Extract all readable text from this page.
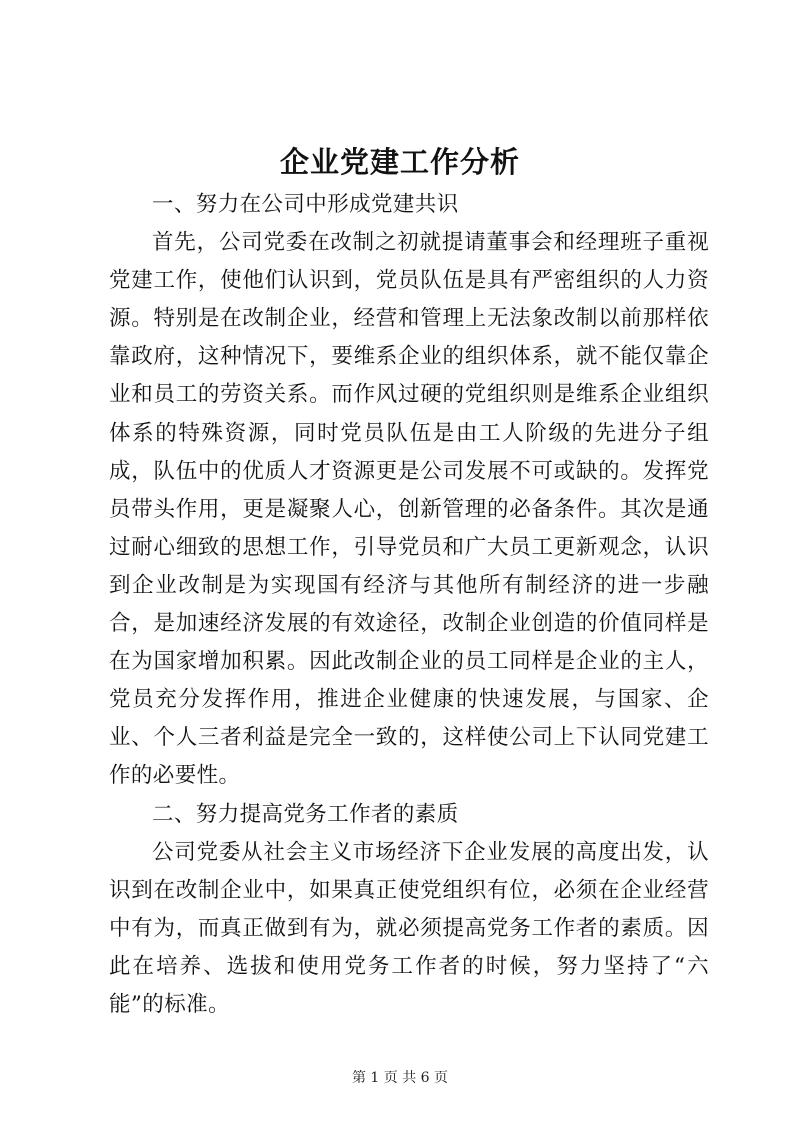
企业党建工作分析

一、努力在公司中形成党建共识

首先，公司党委在改制之初就提请董事会和经理班子重视党建工作，使他们认识到，党员队伍是具有严密组织的人力资源。特别是在改制企业，经营和管理上无法象改制以前那样依靠政府，这种情况下，要维系企业的组织体系，就不能仅靠企业和员工的劳资关系。而作风过硬的党组织则是维系企业组织体系的特殊资源，同时党员队伍是由工人阶级的先进分子组成，队伍中的优质人才资源更是公司发展不可或缺的。发挥党员带头作用，更是凝聚人心，创新管理的必备条件。其次是通过耐心细致的思想工作，引导党员和广大员工更新观念，认识到企业改制是为实现国有经济与其他所有制经济的进一步融合，是加速经济发展的有效途径，改制企业创造的价值同样是在为国家增加积累。因此改制企业的员工同样是企业的主人，党员充分发挥作用，推进企业健康的快速发展，与国家、企业、个人三者利益是完全一致的，这样使公司上下认同党建工作的必要性。

二、努力提高党务工作者的素质

公司党委从社会主义市场经济下企业发展的高度出发，认识到在改制企业中，如果真正使党组织有位，必须在企业经营中有为，而真正做到有为，就必须提高党务工作者的素质。因此在培养、选拔和使用党务工作者的时候，努力坚持了“六能”的标准。

第 1 页 共 6 页
